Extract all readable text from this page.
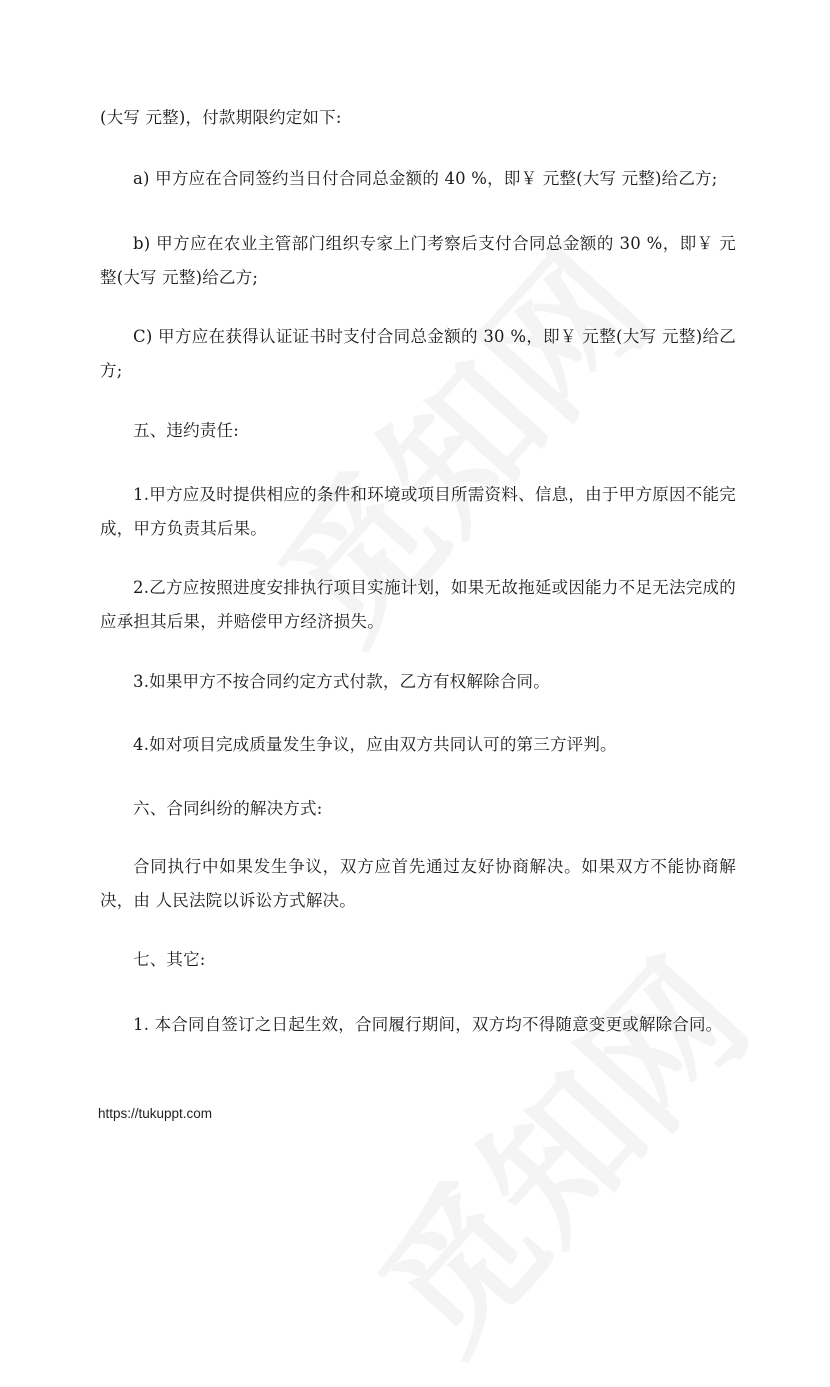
(大写 元整)，付款期限约定如下:

a) 甲方应在合同签约当日付合同总金额的 40 %，即￥ 元整(大写 元整)给乙方;

b) 甲方应在农业主管部门组织专家上门考察后支付合同总金额的 30 %，即￥ 元整(大写 元整)给乙方;

C) 甲方应在获得认证证书时支付合同总金额的 30 %，即￥ 元整(大写 元整)给乙方;

五、违约责任:

1.甲方应及时提供相应的条件和环境或项目所需资料、信息，由于甲方原因不能完成，甲方负责其后果。

2.乙方应按照进度安排执行项目实施计划，如果无故拖延或因能力不足无法完成的应承担其后果，并赔偿甲方经济损失。

3.如果甲方不按合同约定方式付款，乙方有权解除合同。

4.如对项目完成质量发生争议，应由双方共同认可的第三方评判。

六、合同纠纷的解决方式:

合同执行中如果发生争议，双方应首先通过友好协商解决。如果双方不能协商解决，由 人民法院以诉讼方式解决。

七、其它:

1. 本合同自签订之日起生效，合同履行期间，双方均不得随意变更或解除合同。

https://tukuppt.com
